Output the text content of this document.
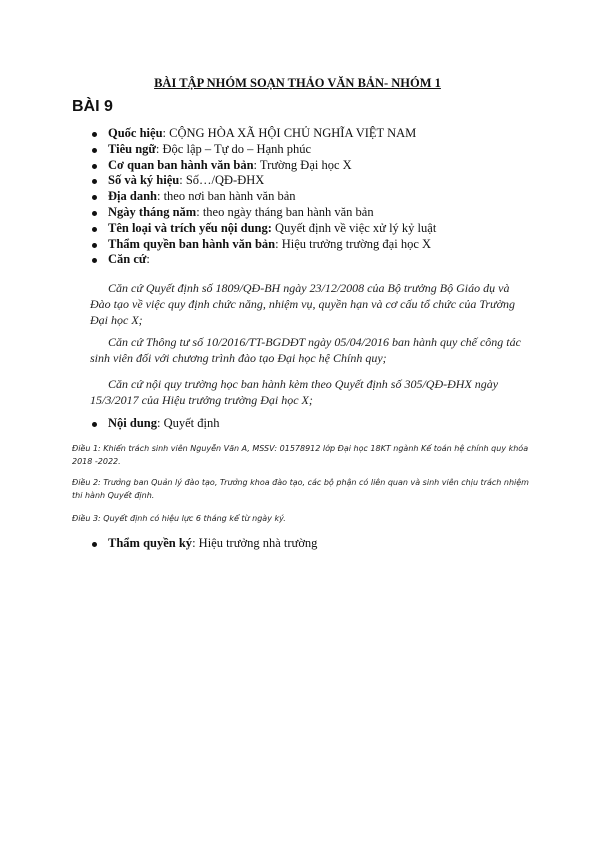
BÀI TẬP NHÓM SOẠN THẢO VĂN BẢN- NHÓM 1
BÀI 9
Quốc hiệu: CỘNG HÒA XÃ HỘI CHỦ NGHĨA VIỆT NAM
Tiêu ngữ: Độc lập – Tự do – Hạnh phúc
Cơ quan ban hành văn bản: Trường Đại học X
Số và ký hiệu: Số…/QĐ-ĐHX
Địa danh: theo nơi ban hành văn bản
Ngày tháng năm: theo ngày tháng ban hành văn bản
Tên loại và trích yếu nội dung: Quyết định về việc xử lý kỷ luật
Thẩm quyền ban hành văn bản: Hiệu trưởng trường đại học X
Căn cứ:

Căn cứ Quyết định số 1809/QĐ-BH ngày 23/12/2008 của Bộ trưởng Bộ Giáo dụ và Đào tạo về việc quy định chức năng, nhiệm vụ, quyền hạn và cơ cấu tổ chức của Trường Đại học X;

Căn cứ Thông tư số 10/2016/TT-BGDĐT ngày 05/04/2016 ban hành quy chế công tác sinh viên đối với chương trình đào tạo Đại học hệ Chính quy;

Căn cứ nội quy trường học ban hành kèm theo Quyết định số 305/QĐ-ĐHX ngày 15/3/2017 của Hiệu trưởng trường Đại học X;

Nội dung: Quyết định

Điều 1: Khiển trách sinh viên Nguyễn Văn A, MSSV: 01578912 lớp Đại học 18KT ngành Kế toán hệ chính quy khóa 2018 -2022.

Điều 2: Trưởng ban Quản lý đào tạo, Trưởng khoa đào tạo, các bộ phận có liên quan và sinh viên chịu trách nhiệm thi hành Quyết định.

Điều 3: Quyết định có hiệu lực 6 tháng kể từ ngày ký.

Thẩm quyền ký: Hiệu trưởng nhà trường
